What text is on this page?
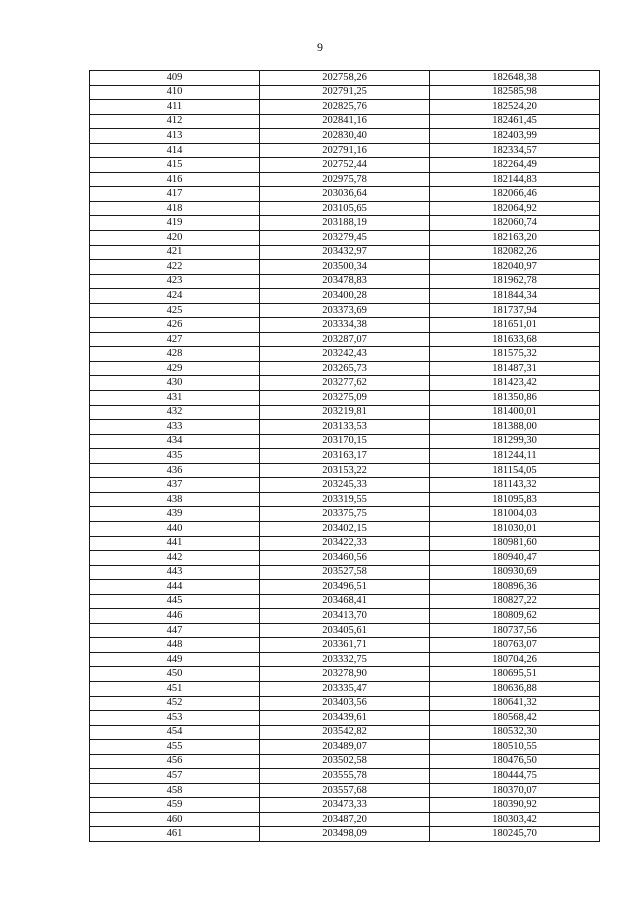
9
409	202758,26	182648,38
410	202791,25	182585,98
411	202825,76	182524,20
412	202841,16	182461,45
413	202830,40	182403,99
414	202791,16	182334,57
415	202752,44	182264,49
416	202975,78	182144,83
417	203036,64	182066,46
418	203105,65	182064,92
419	203188,19	182060,74
420	203279,45	182163,20
421	203432,97	182082,26
422	203500,34	182040,97
423	203478,83	181962,78
424	203400,28	181844,34
425	203373,69	181737,94
426	203334,38	181651,01
427	203287,07	181633,68
428	203242,43	181575,32
429	203265,73	181487,31
430	203277,62	181423,42
431	203275,09	181350,86
432	203219,81	181400,01
433	203133,53	181388,00
434	203170,15	181299,30
435	203163,17	181244,11
436	203153,22	181154,05
437	203245,33	181143,32
438	203319,55	181095,83
439	203375,75	181004,03
440	203402,15	181030,01
441	203422,33	180981,60
442	203460,56	180940,47
443	203527,58	180930,69
444	203496,51	180896,36
445	203468,41	180827,22
446	203413,70	180809,62
447	203405,61	180737,56
448	203361,71	180763,07
449	203332,75	180704,26
450	203278,90	180695,51
451	203335,47	180636,88
452	203403,56	180641,32
453	203439,61	180568,42
454	203542,82	180532,30
455	203489,07	180510,55
456	203502,58	180476,50
457	203555,78	180444,75
458	203557,68	180370,07
459	203473,33	180390,92
460	203487,20	180303,42
461	203498,09	180245,70
